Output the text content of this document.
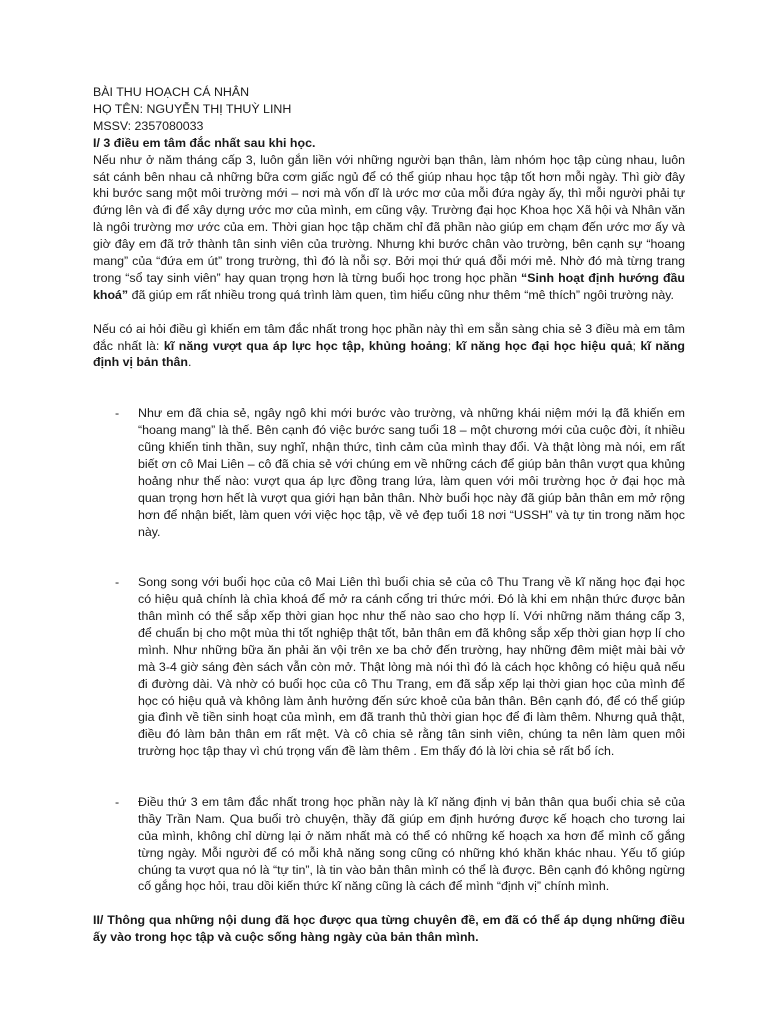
BÀI THU HOẠCH CÁ NHÂN
HỌ TÊN: NGUYỄN THỊ THUỲ LINH
MSSV: 2357080033
I/ 3 điều em tâm đắc nhất sau khi học.

Nếu như ở năm tháng cấp 3, luôn gắn liền với những người bạn thân, làm nhóm học tập cùng nhau, luôn sát cánh bên nhau cả những bữa cơm giấc ngủ để có thể giúp nhau học tập tốt hơn mỗi ngày. Thì giờ đây khi bước sang một môi trường mới – nơi mà vốn dĩ là ước mơ của mỗi đứa ngày ấy, thì mỗi người phải tự đứng lên và đi để xây dựng ước mơ của mình, em cũng vậy. Trường đại học Khoa học Xã hội và Nhân văn là ngôi trường mơ ước của em. Thời gian học tập chăm chỉ đã phần nào giúp em chạm đến ước mơ ấy và giờ đây em đã trở thành tân sinh viên của trường. Nhưng khi bước chân vào trường, bên cạnh sự “hoang mang” của “đứa em út” trong trường, thì đó là nỗi sợ. Bởi mọi thứ quá đỗi mới mẻ. Nhờ đó mà từng trang trong “sổ tay sinh viên” hay quan trọng hơn là từng buổi học trong học phần “Sinh hoạt định hướng đầu khoá” đã giúp em rất nhiều trong quá trình làm quen, tìm hiểu cũng như thêm “mê thích” ngôi trường này.

Nếu có ai hỏi điều gì khiến em tâm đắc nhất trong học phần này thì em sẵn sàng chia sẻ 3 điều mà em tâm đắc nhất là: kĩ năng vượt qua áp lực học tập, khủng hoảng; kĩ năng học đại học hiệu quả; kĩ năng định vị bản thân.

- Như em đã chia sẻ, ngây ngô khi mới bước vào trường, và những khái niệm mới lạ đã khiến em “hoang mang” là thế. Bên cạnh đó việc bước sang tuổi 18 – một chương mới của cuộc đời, ít nhiều cũng khiến tinh thần, suy nghĩ, nhận thức, tình cảm của mình thay đổi. Và thật lòng mà nói, em rất biết ơn cô Mai Liên – cô đã chia sẻ với chúng em về những cách để giúp bản thân vượt qua khủng hoảng như thế nào: vượt qua áp lực đồng trang lứa, làm quen với môi trường học ở đại học mà quan trọng hơn hết là vượt qua giới hạn bản thân. Nhờ buổi học này đã giúp bản thân em mở rộng hơn để nhận biết, làm quen với việc học tập, về vẻ đẹp tuổi 18 nơi “USSH” và tự tin trong năm học này.
- Song song với buổi học của cô Mai Liên thì buổi chia sẻ của cô Thu Trang về kĩ năng học đại học có hiệu quả chính là chìa khoá để mở ra cánh cổng tri thức mới. Đó là khi em nhận thức được bản thân mình có thể sắp xếp thời gian học như thế nào sao cho hợp lí. Với những năm tháng cấp 3, để chuẩn bị cho một mùa thi tốt nghiệp thật tốt, bản thân em đã không sắp xếp thời gian hợp lí cho mình. Như những bữa ăn phải ăn vội trên xe ba chở đến trường, hay những đêm miệt mài bài vở mà 3-4 giờ sáng đèn sách vẫn còn mở. Thật lòng mà nói thì đó là cách học không có hiệu quả nếu đi đường dài. Và nhờ có buổi học của cô Thu Trang, em đã sắp xếp lại thời gian học của mình để học có hiệu quả và không làm ảnh hưởng đến sức khoẻ của bản thân. Bên cạnh đó, để có thể giúp gia đình về tiền sinh hoạt của mình, em đã tranh thủ thời gian học để đi làm thêm. Nhưng quả thật, điều đó làm bản thân em rất mệt. Và cô chia sẻ rằng tân sinh viên, chúng ta nên làm quen môi trường học tập thay vì chú trọng vấn đề làm thêm . Em thấy đó là lời chia sẻ rất bổ ích.
- Điều thứ 3 em tâm đắc nhất trong học phần này là kĩ năng định vị bản thân qua buổi chia sẻ của thầy Trần Nam. Qua buổi trò chuyện, thầy đã giúp em định hướng được kế hoạch cho tương lai của mình, không chỉ dừng lại ở năm nhất mà có thể có những kế hoạch xa hơn để mình cố gắng từng ngày. Mỗi người để có mỗi khả năng song cũng có những khó khăn khác nhau. Yếu tố giúp chúng ta vượt qua nó là “tự tin”, là tin vào bản thân mình có thể là được. Bên cạnh đó không ngừng cố gắng học hỏi, trau dồi kiến thức kĩ năng cũng là cách để mình “định vị” chính mình.

II/ Thông qua những nội dung đã học được qua từng chuyên đề, em đã có thể áp dụng những điều ấy vào trong học tập và cuộc sống hàng ngày của bản thân mình.
